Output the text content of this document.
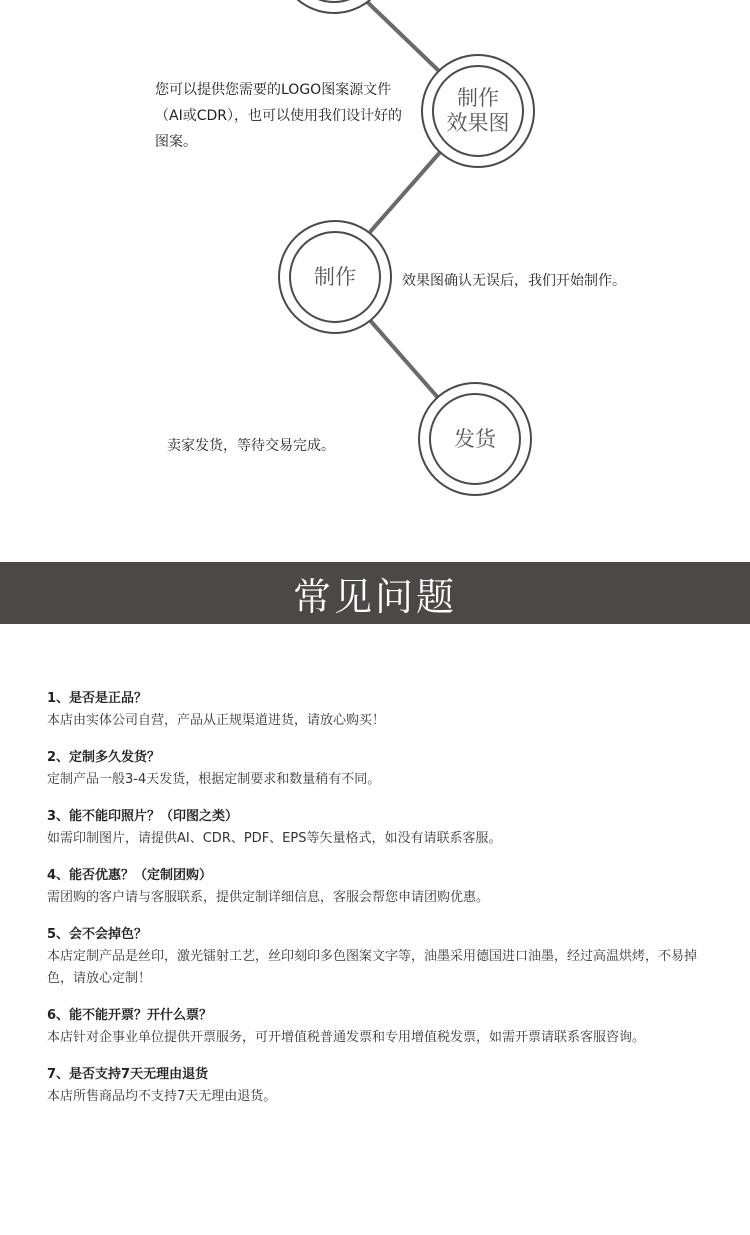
制作
效果图
您可以提供您需要的LOGO图案源文件（AI或CDR），也可以使用我们设计好的图案。
制作	效果图确认无误后，我们开始制作。
发货
卖家发货，等待交易完成。
常见问题
1、是否是正品？
本店由实体公司自营，产品从正规渠道进货，请放心购买！
2、定制多久发货？
定制产品一般3-4天发货，根据定制要求和数量稍有不同。
3、能不能印照片？（印图之类）
如需印制图片，请提供AI、CDR、PDF、EPS等矢量格式，如没有请联系客服。
4、能否优惠？（定制团购）
需团购的客户请与客服联系，提供定制详细信息，客服会帮您申请团购优惠。
5、会不会掉色？
本店定制产品是丝印，激光镭射工艺，丝印刻印多色图案文字等，油墨采用德国进口油墨，经过高温烘烤，不易掉色，请放心定制！
6、能不能开票？开什么票？
本店针对企事业单位提供开票服务，可开增值税普通发票和专用增值税发票，如需开票请联系客服咨询。
7、是否支持7天无理由退货
本店所售商品均不支持7天无理由退货。
